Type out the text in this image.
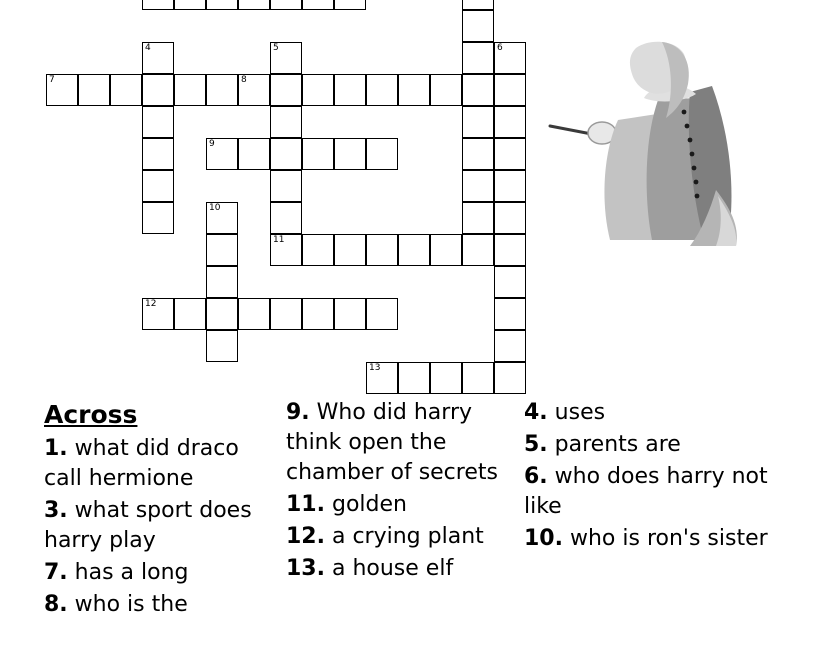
4	5	6
7	8
9
10
11
12
13
Across
1. what did draco call hermione
3. what sport does harry play
7. has a long
8. who is the
9. Who did harry think open the chamber of secrets
11. golden
12. a crying plant
13. a house elf
4. uses
5. parents are
6. who does harry not like
10. who is ron's sister
